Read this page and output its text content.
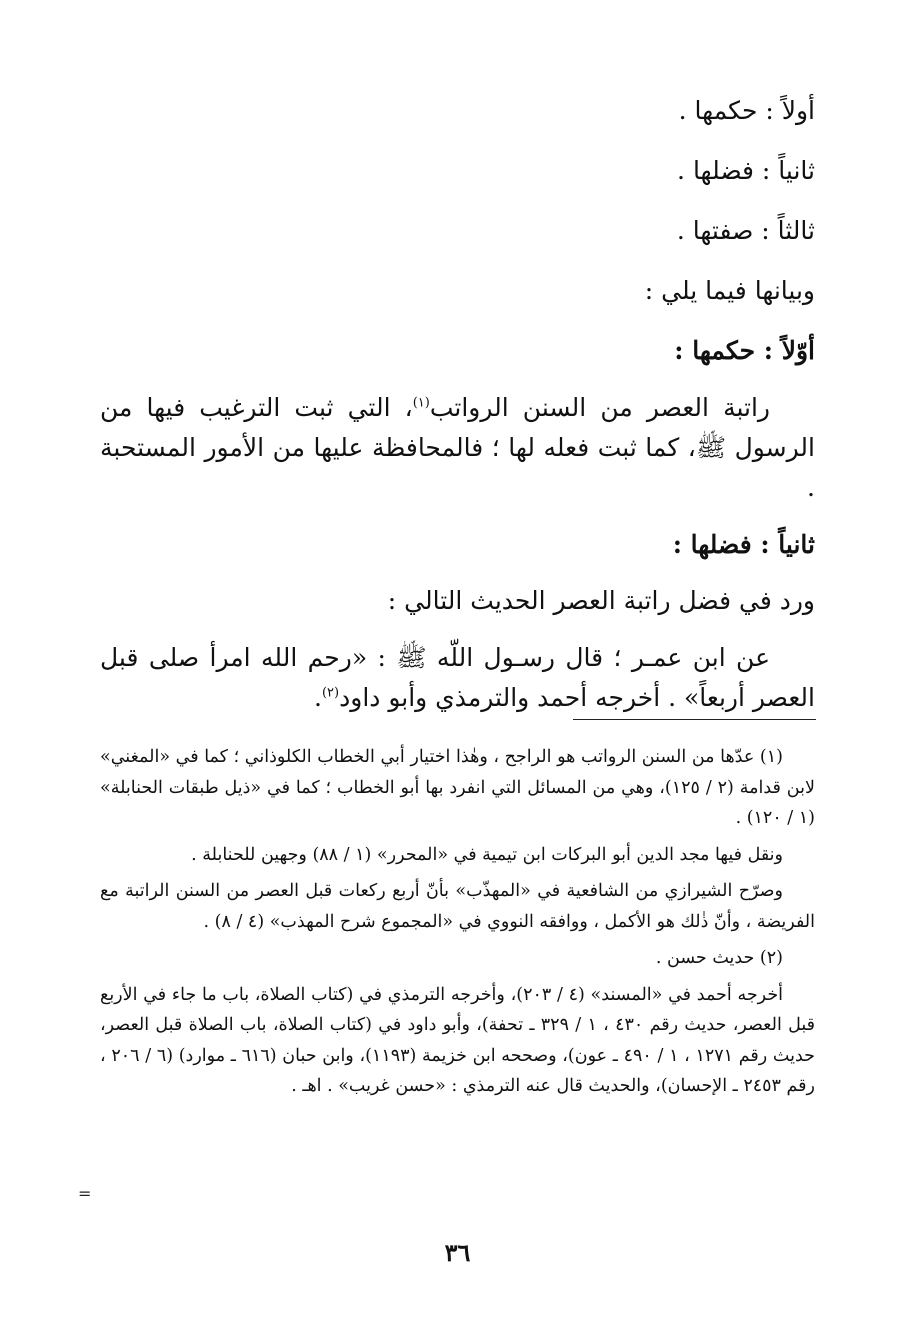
أولاً : حكمها .

ثانياً : فضلها .

ثالثاً : صفتها .

وبيانها فيما يلي :

أوّلاً : حكمها :

راتبة العصر من السنن الرواتب$^{(١)}$، التي ثبت الترغيب فيها من الرسول ﷺ، كما ثبت فعله لها ؛ فالمحافظة عليها من الأمور المستحبة .

ثانياً : فضلها :

ورد في فضل راتبة العصر الحديث التالي :

عن ابن عمـر ؛ قال رسـول اللّه ﷺ : «رحم الله امرأ صلى قبل العصر أربعاً» . أخرجه أحمد والترمذي وأبو داود$^{(٢)}$.

(١) عدّها من السنن الرواتب هو الراجح ، وهٰذا اختيار أبي الخطاب الكلوذاني ؛ كما في «المغني» لابن قدامة (٢ / ١٢٥)، وهي من المسائل التي انفرد بها أبو الخطاب ؛ كما في «ذيل طبقات الحنابلة» (١ / ١٢٠) .

ونقل فيها مجد الدين أبو البركات ابن تيمية في «المحرر» (١ / ٨٨) وجهين للحنابلة .

وصرّح الشيرازي من الشافعية في «المهذّب» بأنّ أربع ركعات قبل العصر من السنن الراتبة مع الفريضة ، وأنّ ذٰلك هو الأكمل ، ووافقه النووي في «المجموع شرح المهذب» (٤ / ٨) .

(٢) حديث حسن .

أخرجه أحمد في «المسند» (٤ / ٢٠٣)، وأخرجه الترمذي في (كتاب الصلاة، باب ما جاء في الأربع قبل العصر، حديث رقم ٤٣٠ ، ١ / ٣٢٩ ـ تحفة)، وأبو داود في (كتاب الصلاة، باب الصلاة قبل العصر، حديث رقم ١٢٧١ ، ١ / ٤٩٠ ـ عون)، وصححه ابن خزيمة (١١٩٣)، وابن حبان (٦١٦ ـ موارد) (٦ / ٢٠٦ ، رقم ٢٤٥٣ ـ الإحسان)، والحديث قال عنه الترمذي : «حسن غريب» . اهـ .

=
٣٦
